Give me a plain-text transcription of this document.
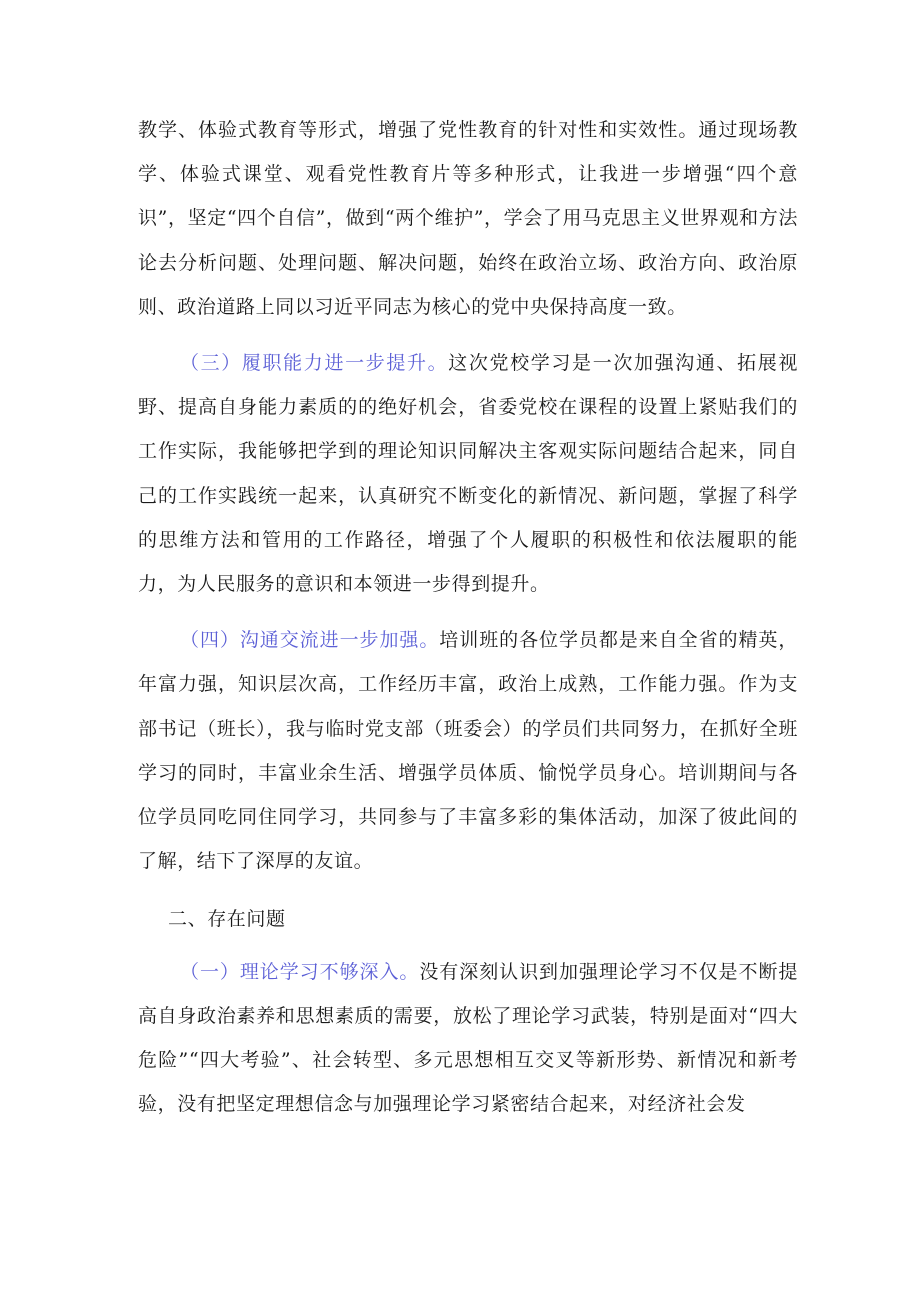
教学、体验式教育等形式，增强了党性教育的针对性和实效性。通过现场教学、体验式课堂、观看党性教育片等多种形式，让我进一步增强“四个意识”，坚定“四个自信”，做到“两个维护”，学会了用马克思主义世界观和方法论去分析问题、处理问题、解决问题，始终在政治立场、政治方向、政治原则、政治道路上同以习近平同志为核心的党中央保持高度一致。

（三）履职能力进一步提升。这次党校学习是一次加强沟通、拓展视野、提高自身能力素质的的绝好机会，省委党校在课程的设置上紧贴我们的工作实际，我能够把学到的理论知识同解决主客观实际问题结合起来，同自己的工作实践统一起来，认真研究不断变化的新情况、新问题，掌握了科学的思维方法和管用的工作路径，增强了个人履职的积极性和依法履职的能力，为人民服务的意识和本领进一步得到提升。

（四）沟通交流进一步加强。培训班的各位学员都是来自全省的精英，年富力强，知识层次高，工作经历丰富，政治上成熟，工作能力强。作为支部书记（班长），我与临时党支部（班委会）的学员们共同努力，在抓好全班学习的同时，丰富业余生活、增强学员体质、愉悦学员身心。培训期间与各位学员同吃同住同学习，共同参与了丰富多彩的集体活动，加深了彼此间的了解，结下了深厚的友谊。

二、存在问题

（一）理论学习不够深入。没有深刻认识到加强理论学习不仅是不断提高自身政治素养和思想素质的需要，放松了理论学习武装，特别是面对“四大危险”“四大考验”、社会转型、多元思想相互交叉等新形势、新情况和新考验，没有把坚定理想信念与加强理论学习紧密结合起来，对经济社会发
